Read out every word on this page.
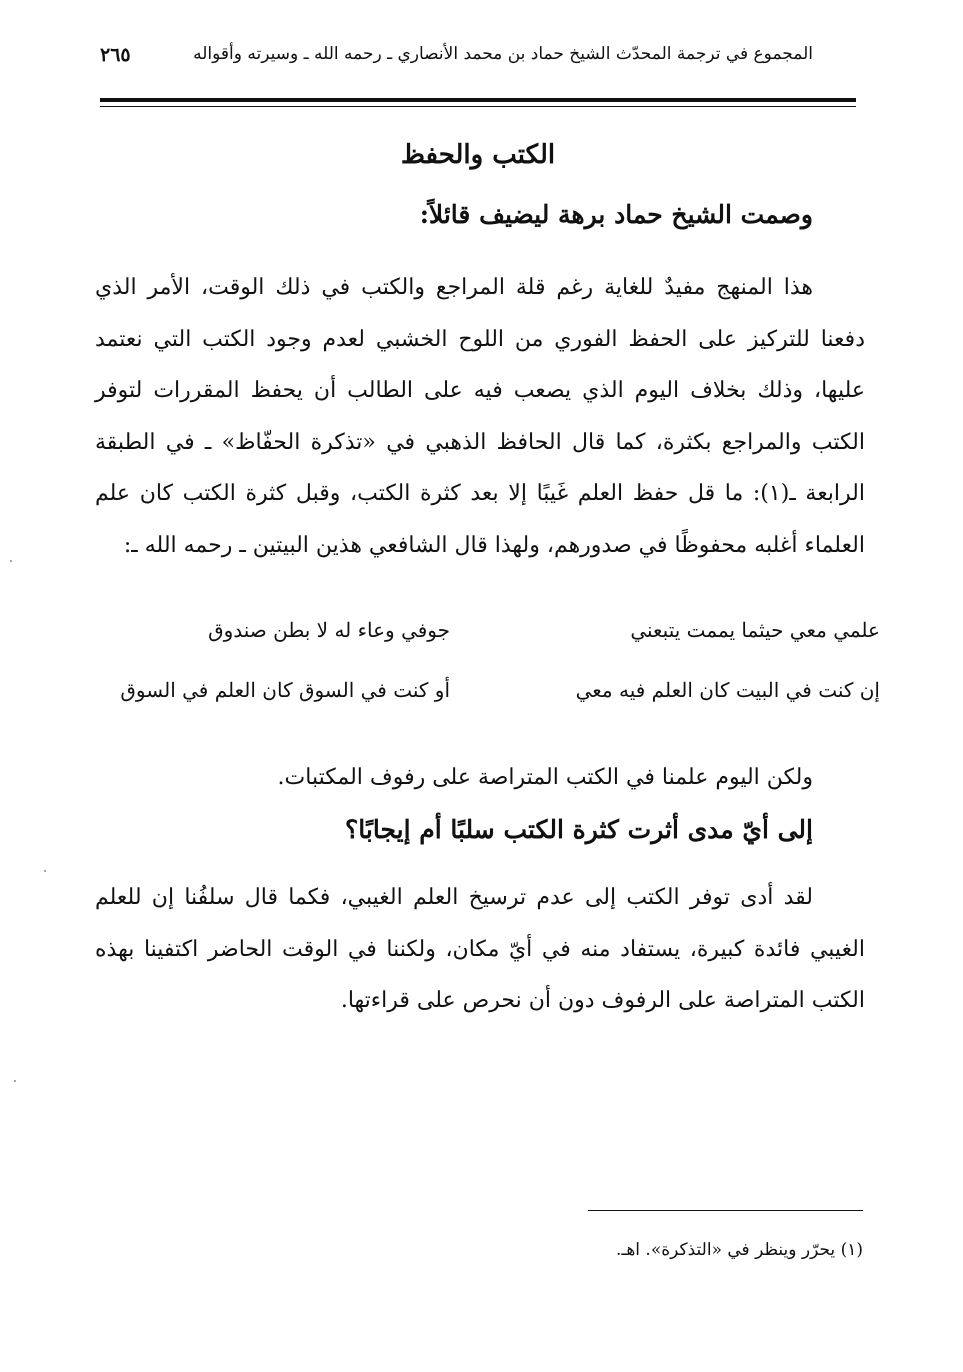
المجموع في ترجمة المحدّث الشيخ حماد بن محمد الأنصاري ـ رحمه الله ـ وسيرته وأقواله
٢٦٥
الكتب والحفظ
وصمت الشيخ حماد برهة ليضيف قائلاً:
هذا المنهج مفيدٌ للغاية رغم قلة المراجع والكتب في ذلك الوقت، الأمر الذي دفعنا للتركيز على الحفظ الفوري من اللوح الخشبي لعدم وجود الكتب التي نعتمد عليها، وذلك بخلاف اليوم الذي يصعب فيه على الطالب أن يحفظ المقررات لتوفر الكتب والمراجع بكثرة، كما قال الحافظ الذهبي في «تذكرة الحفّاظ» ـ في الطبقة الرابعة ـ(١): ما قل حفظ العلم غَيبًا إلا بعد كثرة الكتب، وقبل كثرة الكتب كان علم العلماء أغلبه محفوظًا في صدورهم، ولهذا قال الشافعي هذين البيتين ـ رحمه الله ـ:
علمي معي حيثما يممت يتبعني
جوفي وعاء له لا بطن صندوق
إن كنت في البيت كان العلم فيه معي
أو كنت في السوق كان العلم في السوق
ولكن اليوم علمنا في الكتب المتراصة على رفوف المكتبات.
إلى أيّ مدى أثرت كثرة الكتب سلبًا أم إيجابًا؟
لقد أدى توفر الكتب إلى عدم ترسيخ العلم الغيبي، فكما قال سلفُنا إن للعلم الغيبي فائدة كبيرة، يستفاد منه في أيّ مكان، ولكننا في الوقت الحاضر اكتفينا بهذه الكتب المتراصة على الرفوف دون أن نحرص على قراءتها.
(١) يحرّر وينظر في «التذكرة». اهـ.
